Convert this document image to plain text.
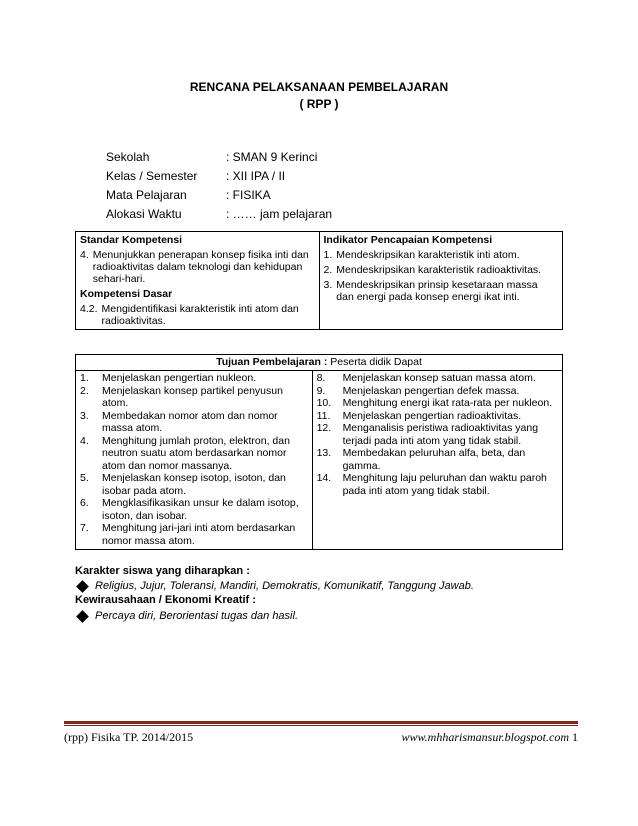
RENCANA PELAKSANAAN PEMBELAJARAN
( RPP )
Sekolah	: SMAN 9 Kerinci
Kelas / Semester	: XII IPA / II
Mata Pelajaran	: FISIKA
Alokasi Waktu	: …… jam pelajaran
Standar Kompetensi
4. Menunjukkan penerapan konsep fisika inti dan radioaktivitas dalam teknologi dan kehidupan sehari-hari.
Kompetensi Dasar
4.2. Mengidentifikasi karakteristik inti atom dan radioaktivitas.

Indikator Pencapaian Kompetensi
1. Mendeskripsikan karakteristik inti atom.
2. Mendeskripsikan karakteristik radioaktivitas.
3. Mendeskripsikan prinsip kesetaraan massa dan energi pada konsep energi ikat inti.
Tujuan Pembelajaran : Peserta didik Dapat

1.	Menjelaskan pengertian nukleon.
2.	Menjelaskan konsep partikel penyusun atom.
3.	Membedakan nomor atom dan nomor massa atom.
4.	Menghitung jumlah proton, elektron, dan neutron suatu atom berdasarkan nomor atom dan nomor massanya.
5.	Menjelaskan konsep isotop, isoton, dan isobar pada atom.
6.	Mengklasifikasikan unsur ke dalam isotop, isoton, dan isobar.
7.	Menghitung jari-jari inti atom berdasarkan nomor massa atom.

8.	Menjelaskan konsep satuan massa atom.
9.	Menjelaskan pengertian defek massa.
10.	Menghitung energi ikat rata-rata per nukleon.
11.	Menjelaskan pengertian radioaktivitas.
12.	Menganalisis peristiwa radioaktivitas yang terjadi pada inti atom yang tidak stabil.
13.	Membedakan peluruhan alfa, beta, dan gamma.
14.	Menghitung laju peluruhan dan waktu paroh pada inti atom yang tidak stabil.
Karakter siswa yang diharapkan :
Religius, Jujur, Toleransi, Mandiri, Demokratis, Komunikatif, Tanggung Jawab.
Kewirausahaan / Ekonomi Kreatif :
Percaya diri, Berorientasi tugas dan hasil.
(rpp) Fisika TP. 2014/2015	www.mhharismansur.blogspot.com 1
